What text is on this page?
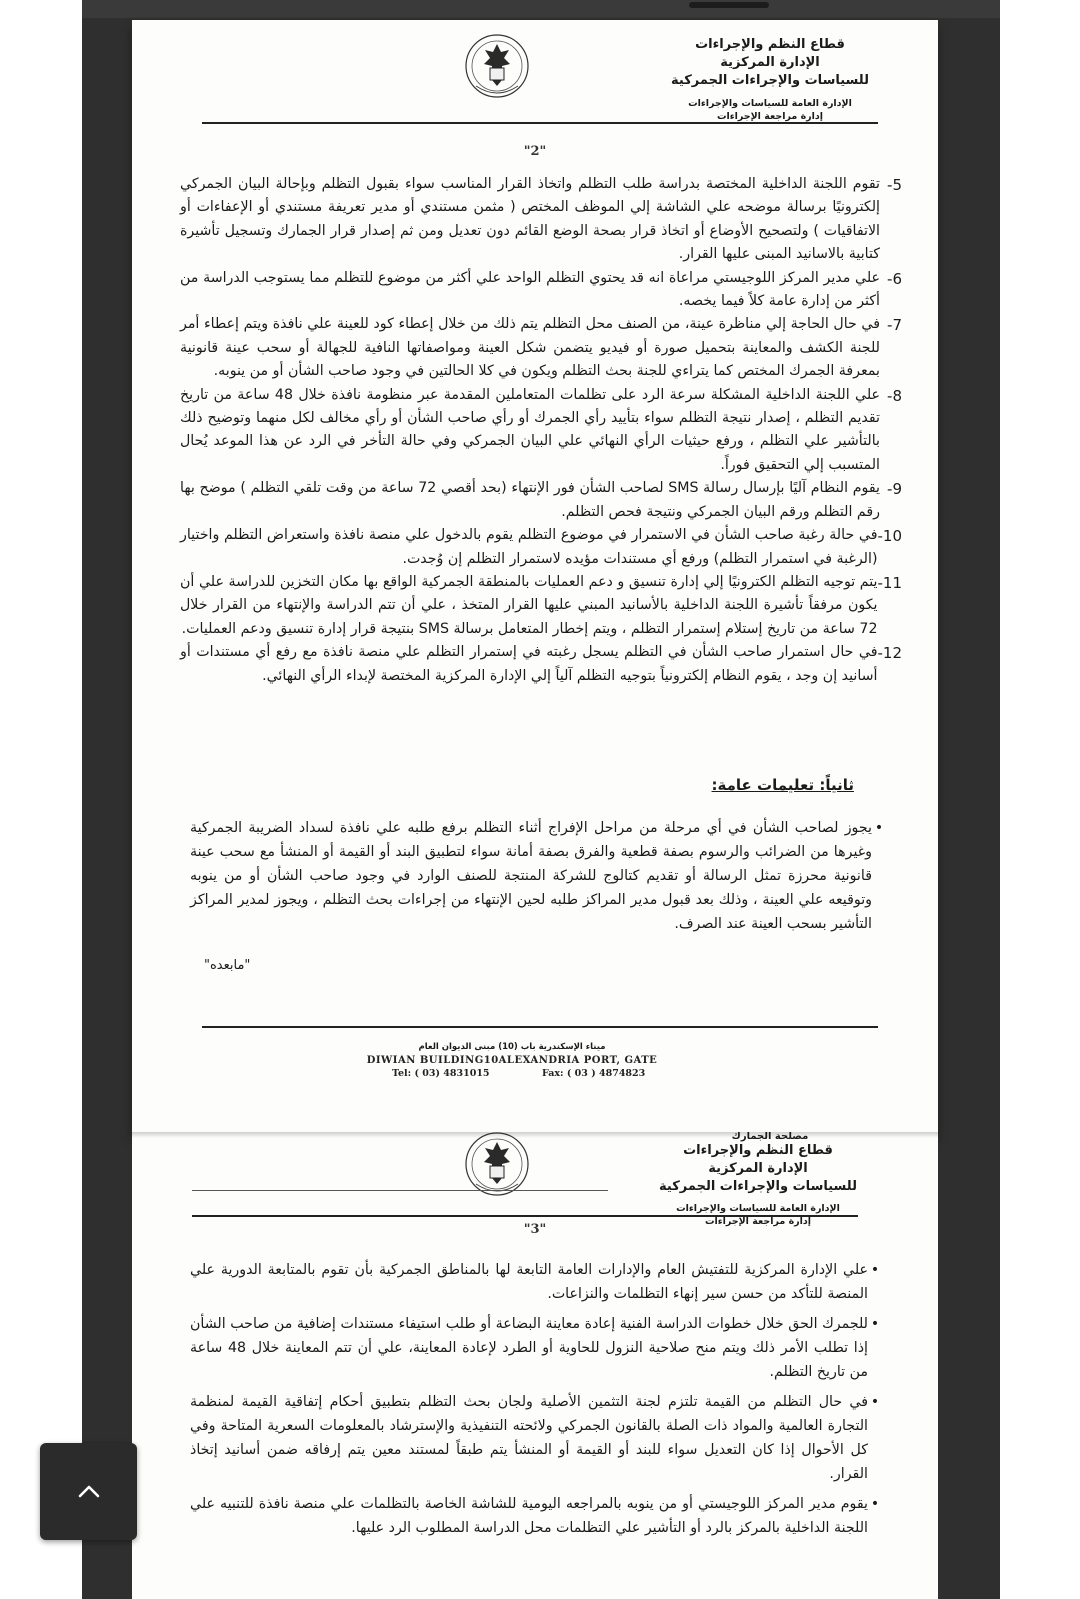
قطاع النظم والإجراءات
الإدارة المركزية
للسياسات والإجراءات الجمركية
الإدارة العامة للسياسات والإجراءات
إدارة مراجعة الإجراءات
"2"
5-
تقوم اللجنة الداخلية المختصة بدراسة طلب التظلم واتخاذ القرار المناسب سواء بقبول التظلم وبإحالة البيان الجمركي إلكترونيًا برسالة موضحه علي الشاشة إلي الموظف المختص ( مثمن مستندي أو مدير تعريفة مستندي أو الإعفاءات أو الاتفاقيات ) ولتصحيح الأوضاع أو اتخاذ قرار بصحة الوضع القائم دون تعديل ومن ثم إصدار قرار الجمارك وتسجيل تأشيرة كتابية بالاسانيد المبنى عليها القرار.
6-
علي مدير المركز اللوجيستي مراعاة انه قد يحتوي التظلم الواحد علي أكثر من موضوع للتظلم مما يستوجب الدراسة من أكثر من إدارة عامة كلاً فيما يخصه.
7-
في حال الحاجة إلي مناظرة عينة، من الصنف محل التظلم يتم ذلك من خلال إعطاء كود للعينة علي نافذة ويتم إعطاء أمر للجنة الكشف والمعاينة بتحميل صورة أو فيديو يتضمن شكل العينة ومواصفاتها النافية للجهالة أو سحب عينة قانونية بمعرفة الجمرك المختص كما يتراءي للجنة بحث التظلم ويكون في كلا الحالتين في وجود صاحب الشأن أو من ينوبه.
8-
علي اللجنة الداخلية المشكلة سرعة الرد على تظلمات المتعاملين المقدمة عبر منظومة نافذة خلال 48 ساعة من تاريخ تقديم التظلم ، إصدار نتيجة التظلم سواء بتأييد رأي الجمرك أو رأي صاحب الشأن أو رأي مخالف لكل منهما وتوضيح ذلك بالتأشير علي التظلم ، ورفع حيثيات الرأي النهائي علي البيان الجمركي وفي حالة التأخر في الرد عن هذا الموعد يُحال المتسبب إلي التحقيق فوراً.
9-
يقوم النظام آليًا بإرسال رسالة SMS لصاحب الشأن فور الإنتهاء (بحد أقصي 72 ساعة من وقت تلقي التظلم ) موضح بها رقم التظلم ورقم البيان الجمركي ونتيجة فحص التظلم.
10-
في حالة رغبة صاحب الشأن في الاستمرار في موضوع التظلم يقوم بالدخول علي منصة نافذة واستعراض التظلم واختيار (الرغبة في استمرار التظلم) ورفع أي مستندات مؤيده لاستمرار التظلم إن وُجدت.
11-
يتم توجيه التظلم الكترونيًا إلي إدارة تنسيق و دعم العمليات بالمنطقة الجمركية الواقع بها مكان التخزين للدراسة علي أن يكون مرفقاً تأشيرة اللجنة الداخلية بالأسانيد المبني عليها القرار المتخذ ، علي أن تتم الدراسة والإنتهاء من القرار خلال 72 ساعة من تاريخ إستلام إستمرار التظلم ، ويتم إخطار المتعامل برسالة SMS بنتيجة قرار إدارة تنسيق ودعم العمليات.
12-
في حال استمرار صاحب الشأن في التظلم يسجل رغبته في إستمرار التظلم علي منصة نافذة مع رفع أي مستندات أو أسانيد إن وجد ، يقوم النظام إلكترونياً بتوجيه التظلم آلياً إلي الإدارة المركزية المختصة لإبداء الرأي النهائي.
ثانياً: تعليمات عامة:
•
يجوز لصاحب الشأن في أي مرحلة من مراحل الإفراج أثناء التظلم برفع طلبه علي نافذة لسداد الضريبة الجمركية وغيرها من الضرائب والرسوم بصفة قطعية والفرق بصفة أمانة سواء لتطبيق البند أو القيمة أو المنشأ مع سحب عينة قانونية محرزة تمثل الرسالة أو تقديم كتالوج للشركة المنتجة للصنف الوارد في وجود صاحب الشأن أو من ينوبه وتوقيعه علي العينة ، وذلك بعد قبول مدير المراكز طلبه لحين الإنتهاء من إجراءات بحث التظلم ، ويجوز لمدير المراكز التأشير بسحب العينة عند الصرف.
"مابعده"
ميناء الإسكندرية باب (10) مبنى الديوان العام
DIWIAN BUILDING10ALEXANDRIA PORT, GATE
Tel: ( 03) 4831015	Fax: ( 03 ) 4874823
مصلحة الجمارك
قطاع النظم والإجراءات
الإدارة المركزية
للسياسات والإجراءات الجمركية
الإدارة العامة للسياسات والإجراءات
إدارة مراجعة الإجراءات
"3"
•
علي الإدارة المركزية للتفتيش العام والإدارات العامة التابعة لها بالمناطق الجمركية بأن تقوم بالمتابعة الدورية علي المنصة للتأكد من حسن سير إنهاء التظلمات والنزاعات.
•
للجمرك الحق خلال خطوات الدراسة الفنية إعادة معاينة البضاعة أو طلب استيفاء مستندات إضافية من صاحب الشأن إذا تطلب الأمر ذلك ويتم منح صلاحية النزول للحاوية أو الطرد لإعادة المعاينة، علي أن تتم المعاينة خلال 48 ساعة من تاريخ التظلم.
•
في حال التظلم من القيمة تلتزم لجنة التثمين الأصلية ولجان بحث التظلم بتطبيق أحكام إتفاقية القيمة لمنظمة التجارة العالمية والمواد ذات الصلة بالقانون الجمركي ولائحته التنفيذية والإسترشاد بالمعلومات السعرية المتاحة وفي كل الأحوال إذا كان التعديل سواء للبند أو القيمة أو المنشأ يتم طبقاً لمستند معين يتم إرفاقه ضمن أسانيد إتخاذ القرار.
•
يقوم مدير المركز اللوجيستي أو من ينوبه بالمراجعه اليومية للشاشة الخاصة بالتظلمات علي منصة نافذة للتنبيه علي اللجنة الداخلية بالمركز بالرد أو التأشير علي التظلمات محل الدراسة المطلوب الرد عليها.
